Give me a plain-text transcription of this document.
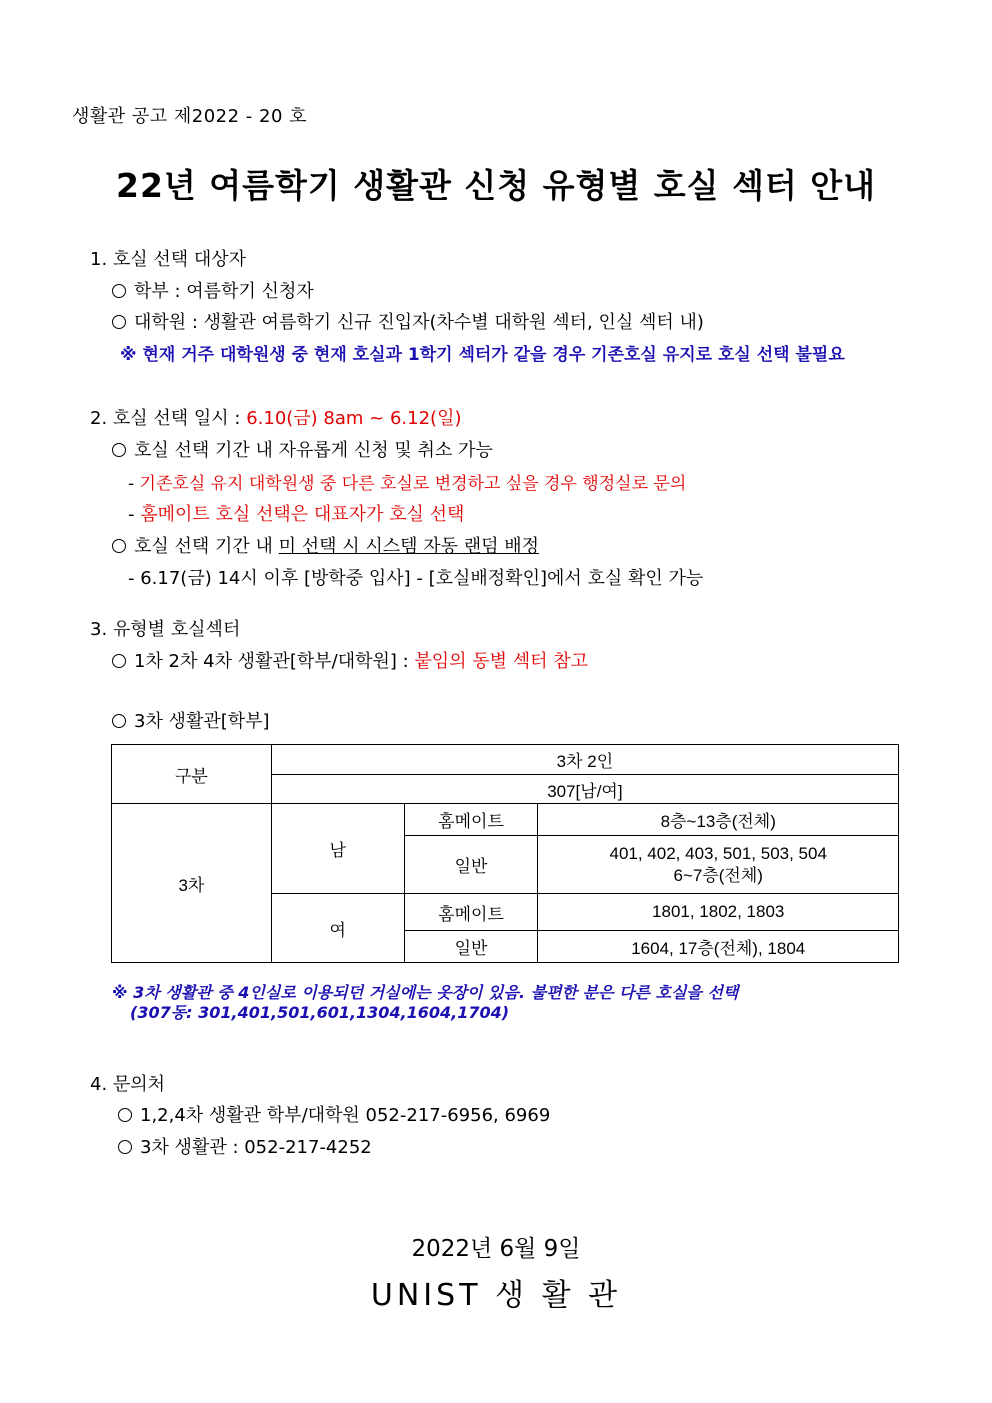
생활관 공고 제2022 - 20 호
22년 여름학기 생활관 신청 유형별 호실 섹터 안내
1. 호실 선택 대상자
학부 : 여름학기 신청자
대학원 : 생활관 여름학기 신규 진입자(차수별 대학원 섹터, 인실 섹터 내)
※ 현재 거주 대학원생 중 현재 호실과 1학기 섹터가 같을 경우 기존호실 유지로 호실 선택 불필요
2. 호실 선택 일시 : 6.10(금) 8am ~ 6.12(일)
호실 선택 기간 내 자유롭게 신청 및 취소 가능
- 기존호실 유지 대학원생 중 다른 호실로 변경하고 싶을 경우 행정실로 문의
- 홈메이트 호실 선택은 대표자가 호실 선택
호실 선택 기간 내 미 선택 시 시스템 자동 랜덤 배정
- 6.17(금) 14시 이후 [방학중 입사] - [호실배정확인]에서 호실 확인 가능
3. 유형별 호실섹터
1차 2차 4차 생활관[학부/대학원] : 붙임의 동별 섹터 참고
3차 생활관[학부]
구분	3차 2인		
	307[남/여]		
3차	남	홈메이트	8층~13층(전체)
		일반	401, 402, 403, 501, 503, 504
6~7층(전체)

	여	홈메이트	1801, 1802, 1803
		일반	1604, 17층(전체), 1804
※ 3차 생활관 중 4인실로 이용되던 거실에는 옷장이 있음. 불편한 분은 다른 호실을 선택
(307동: 301,401,501,601,1304,1604,1704)
4. 문의처
1,2,4차 생활관 학부/대학원 052-217-6956, 6969
3차 생활관 : 052-217-4252
2022년 6월 9일
UNIST 생 활 관
